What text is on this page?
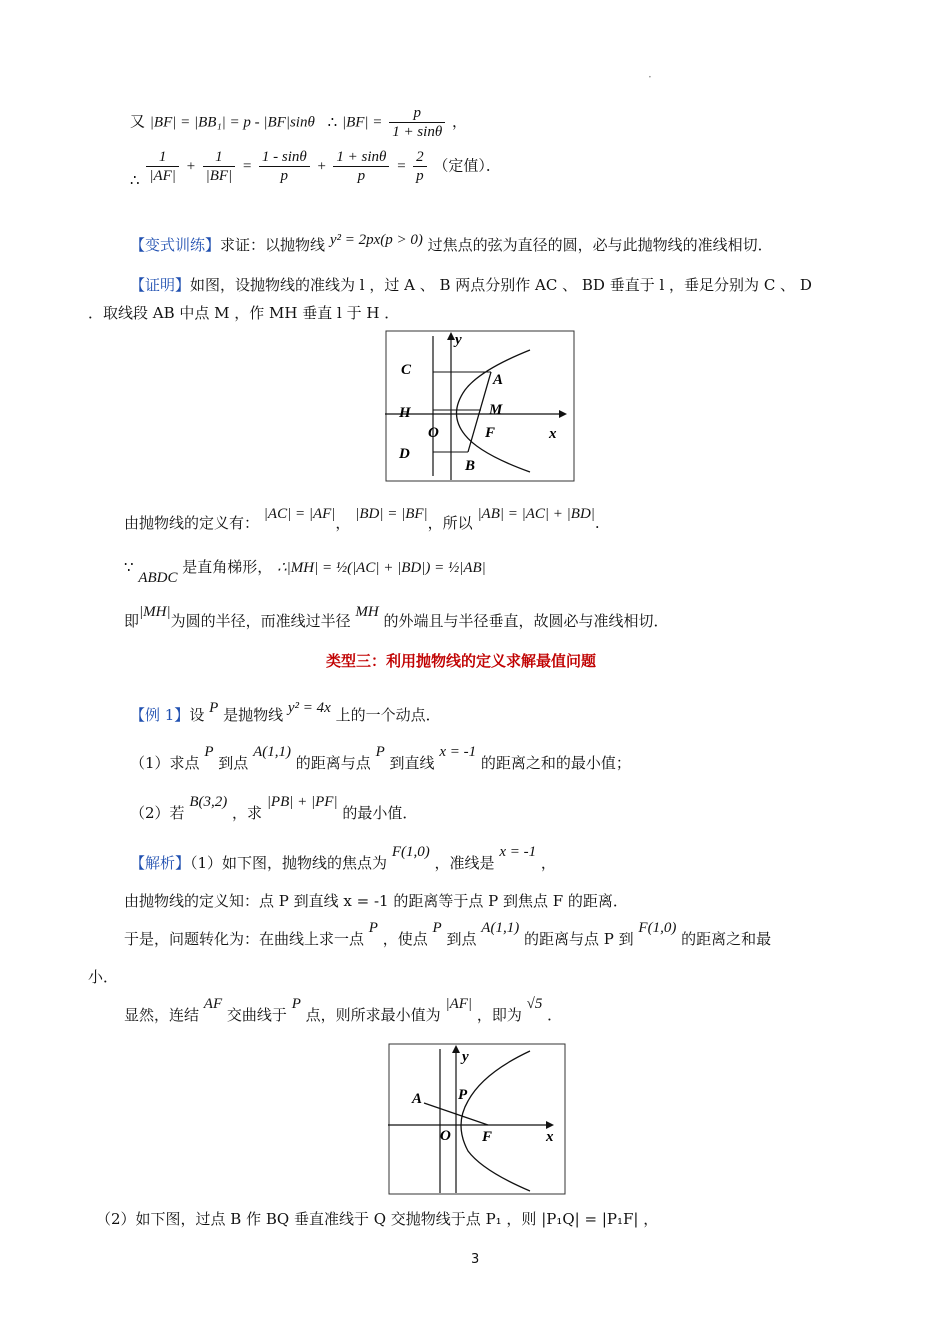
·
又 |BF| = |BB₁| = p - |BF|sinθ ∴ $|BF| = \frac{p}{1 + \sin\theta}$ ，
∴ $\frac{1}{|AF|} + \frac{1}{|BF|} = \frac{1 - \sin\theta}{p} + \frac{1 + \sin\theta}{p} = \frac{2}{p}$ （定值）．
【变式训练】求证：以抛物线 y² = 2px(p > 0) 过焦点的弦为直径的圆，必与此抛物线的准线相切．
【证明】如图，设抛物线的准线为 l ，过 A 、 B 两点分别作 AC 、 BD 垂直于 l ，垂足分别为 C 、 D
．取线段 AB 中点 M ，作 MH 垂直 l 于 H ．
C
A
H	M
O	F
D
B
x
y
由抛物线的定义有： |AC| = |AF|， |BD| = |BF|，所以 |AB| = |AC| + |BD|.
∵ ABDC 是直角梯形， ∴|MH| = ½(|AC| + |BD|) = ½|AB|
即|MH|为圆的半径，而准线过半径 MH 的外端且与半径垂直，故圆必与准线相切．
类型三：利用抛物线的定义求解最值问题
【例 1】设 P 是抛物线 y² = 4x 上的一个动点．
（1）求点 P 到点 A(1,1) 的距离与点 P 到直线 x = -1 的距离之和的最小值；
（2）若 B(3,2) ，求 |PB| + |PF| 的最小值．
【解析】（1）如下图，抛物线的焦点为 F(1,0) ，准线是 x = -1 ，
由抛物线的定义知：点 P 到直线 x = -1 的距离等于点 P 到焦点 F 的距离．
于是，问题转化为：在曲线上求一点 P ，使点 P 到点 A(1,1) 的距离与点 P 到 F(1,0) 的距离之和最
小．
显然，连结 AF 交曲线于 P 点，则所求最小值为 |AF| ，即为 √5 ．
A P
O F	x
y
（2）如下图，过点 B 作 BQ 垂直准线于 Q 交抛物线于点 P₁ ，则 |P₁Q| = |P₁F| ，
3
